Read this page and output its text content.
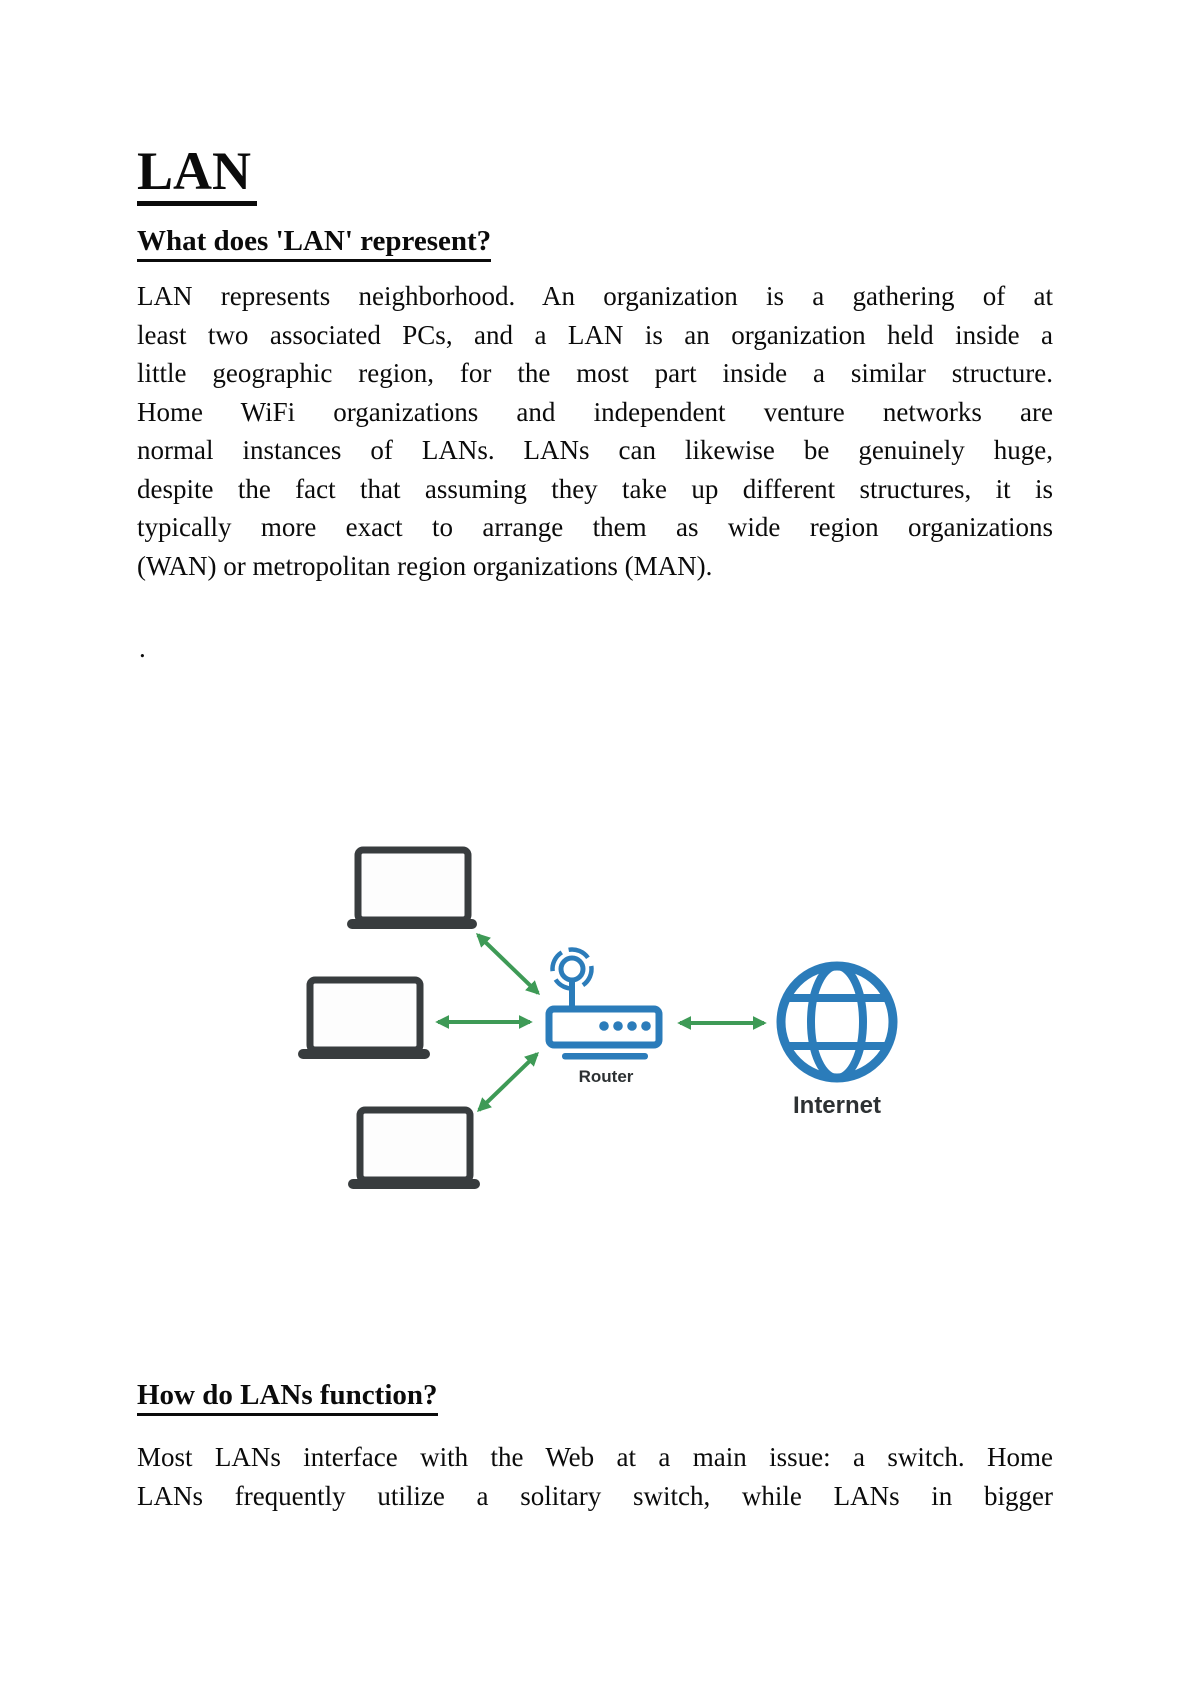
LAN
What does 'LAN' represent?
LAN represents neighborhood. An organization is a gathering of at
least two associated PCs, and a LAN is an organization held inside a
little geographic region, for the most part inside a similar structure.
Home WiFi organizations and independent venture networks are
normal instances of LANs. LANs can likewise be genuinely huge,
despite the fact that assuming they take up different structures, it is
typically more exact to arrange them as wide region organizations
(WAN) or metropolitan region organizations (MAN).
.
Router
Internet
How do LANs function?
Most LANs interface with the Web at a main issue: a switch. Home
LANs frequently utilize a solitary switch, while LANs in bigger
